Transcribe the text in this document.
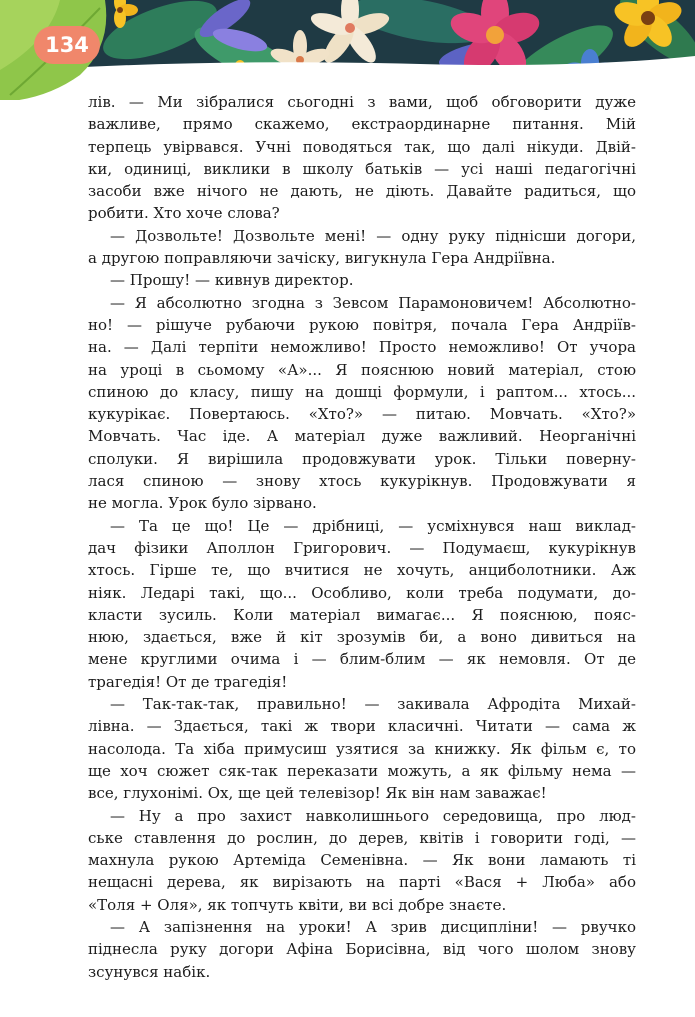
134
лів. — Ми зібралися сьогодні з вами, щоб обговорити дуже
важливе, прямо скажемо, екстраординарне питання. Мій
терпець увірвався. Учні поводяться так, що далі нікуди. Двій-
ки, одиниці, виклики в школу батьків — усі наші педагогічні
засоби вже нічого не дають, не діють. Давайте радиться, що
робити. Хто хоче слова?
— Дозвольте! Дозвольте мені! — одну руку піднісши догори,
а другою поправляючи зачіску, вигукнула Гера Андріївна.
— Прошу! — кивнув директор.
— Я абсолютно згодна з Зевсом Парамоновичем! Абсолютно-
но! — рішуче рубаючи рукою повітря, почала Гера Андріїв-
на. — Далі терпіти неможливо! Просто неможливо! От учора
на уроці в сьомому «А»... Я пояснюю новий матеріал, стою
спиною до класу, пишу на дошці формули, і раптом... хтось...
кукурікає. Повертаюсь. «Хто?» — питаю. Мовчать. «Хто?»
Мовчать. Час іде. А матеріал дуже важливий. Неорганічні
сполуки. Я вирішила продовжувати урок. Тільки поверну-
лася спиною — знову хтось кукурікнув. Продовжувати я
не могла. Урок було зірвано.
— Та це що! Це — дрібниці, — усміхнувся наш виклад-
дач фізики Аполлон Григорович. — Подумаєш, кукурікнув
хтось. Гірше те, що вчитися не хочуть, анциболотники. Аж
ніяк. Ледарі такі, що... Особливо, коли треба подумати, до-
класти зусиль. Коли матеріал вимагає... Я пояснюю, пояс-
нюю, здається, вже й кіт зрозумів би, а воно дивиться на
мене круглими очима і — блим-блим — як немовля. От де
трагедія! От де трагедія!
— Так-так-так, правильно! — закивала Афродіта Михай-
лівна. — Здається, такі ж твори класичні. Читати — сама ж
насолода. Та хіба примусиш узятися за книжку. Як фільм є, то
ще хоч сюжет сяк-так переказати можуть, а як фільму нема —
все, глухонімі. Ох, ще цей телевізор! Як він нам заважає!
— Ну а про захист навколишнього середовища, про люд-
ське ставлення до рослин, до дерев, квітів і говорити годі, —
махнула рукою Артеміда Семенівна. — Як вони ламають ті
нещасні дерева, як вирізають на парті «Вася + Люба» або
«Толя + Оля», як топчуть квіти, ви всі добре знаєте.
— А запізнення на уроки! А зрив дисципліни! — рвучко
піднесла руку догори Афіна Борисівна, від чого шолом знову
зсунувся набік.
